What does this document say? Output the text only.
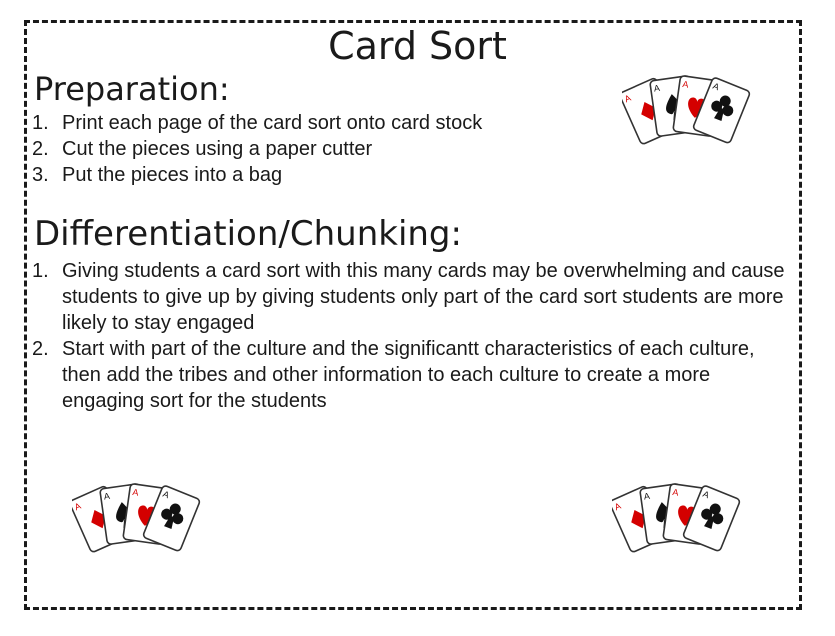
Card Sort
Preparation:
1. Print each page of the card sort onto card stock
2. Cut the pieces using a paper cutter
3. Put the pieces into a bag
Differentiation/Chunking:
1. Giving students a card sort with this many cards may be overwhelming and cause students to give up by giving students only part of the card sort students are more likely to stay engaged
2. Start with part of the culture and the significantt characteristics of each culture, then add the tribes and other information to each culture to create a more engaging sort for the students
